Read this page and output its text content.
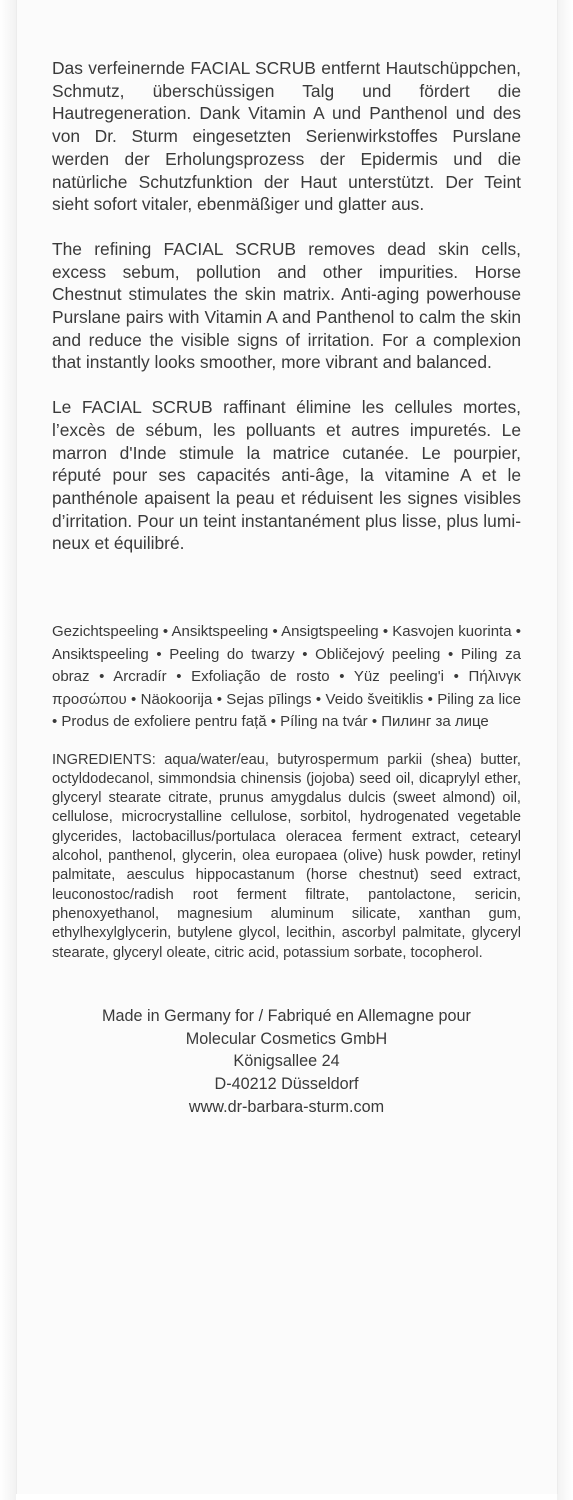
Das verfeinernde FACIAL SCRUB entfernt Hautschüppchen, Schmutz, überschüssigen Talg und fördert die Hautregeneration. Dank Vitamin A und Panthenol und des von Dr. Sturm eingesetzten Serienwirkstoffes Purslane werden der Erholungsprozess der Epidermis und die natürliche Schutzfunktion der Haut unterstützt. Der Teint sieht sofort vitaler, ebenmäßiger und glatter aus.

The refining FACIAL SCRUB removes dead skin cells, excess sebum, pollution and other impurities. Horse Chestnut stimulates the skin matrix. Anti-aging powerhouse Purslane pairs with Vitamin A and Panthenol to calm the skin and reduce the visible signs of irritation. For a complexion that instantly looks smoother, more vibrant and balanced.

Le FACIAL SCRUB raffinant élimine les cellules mortes, l’excès de sébum, les polluants et autres impuretés. Le marron d'Inde stimule la matrice cutanée. Le pourpier, réputé pour ses capacités anti-âge, la vitamine A et le panthénole apaisent la peau et réduisent les signes visibles d’irritation. Pour un teint instantanément plus lisse, plus lumineux et équilibré.

Gezichtspeeling • Ansiktspeeling • Ansigtspeeling • Kasvojen kuorinta • Ansiktspeeling • Peeling do twarzy • Obličejový peeling • Piling za obraz • Arcradír • Exfoliação de rosto • Yüz peeling'i • Πήλινγκ προσώπου • Näokoorija • Sejas pīlings • Veido šveitiklis • Piling za lice • Produs de exfoliere pentru față • Píling na tvár • Пилинг за лице
INGREDIENTS: aqua/water/eau, butyrospermum parkii (shea) butter, octyldodecanol, simmondsia chinensis (jojoba) seed oil, dicaprylyl ether, glyceryl stearate citrate, prunus amygdalus dulcis (sweet almond) oil, cellulose, microcrystalline cellulose, sorbitol, hydrogenated vegetable glycerides, lactobacillus/portulaca oleracea ferment extract, cetearyl alcohol, panthenol, glycerin, olea europaea (olive) husk powder, retinyl palmitate, aesculus hippocastanum (horse chestnut) seed extract, leuconostoc/radish root ferment filtrate, pantolactone, sericin, phenoxyethanol, magnesium aluminum silicate, xanthan gum, ethylhexylglycerin, butylene glycol, lecithin, ascorbyl palmitate, glyceryl stearate, glyceryl oleate, citric acid, potassium sorbate, tocopherol.
Made in Germany for / Fabriqué en Allemagne pour
Molecular Cosmetics GmbH
Königsallee 24
D-40212 Düsseldorf
www.dr-barbara-sturm.com
